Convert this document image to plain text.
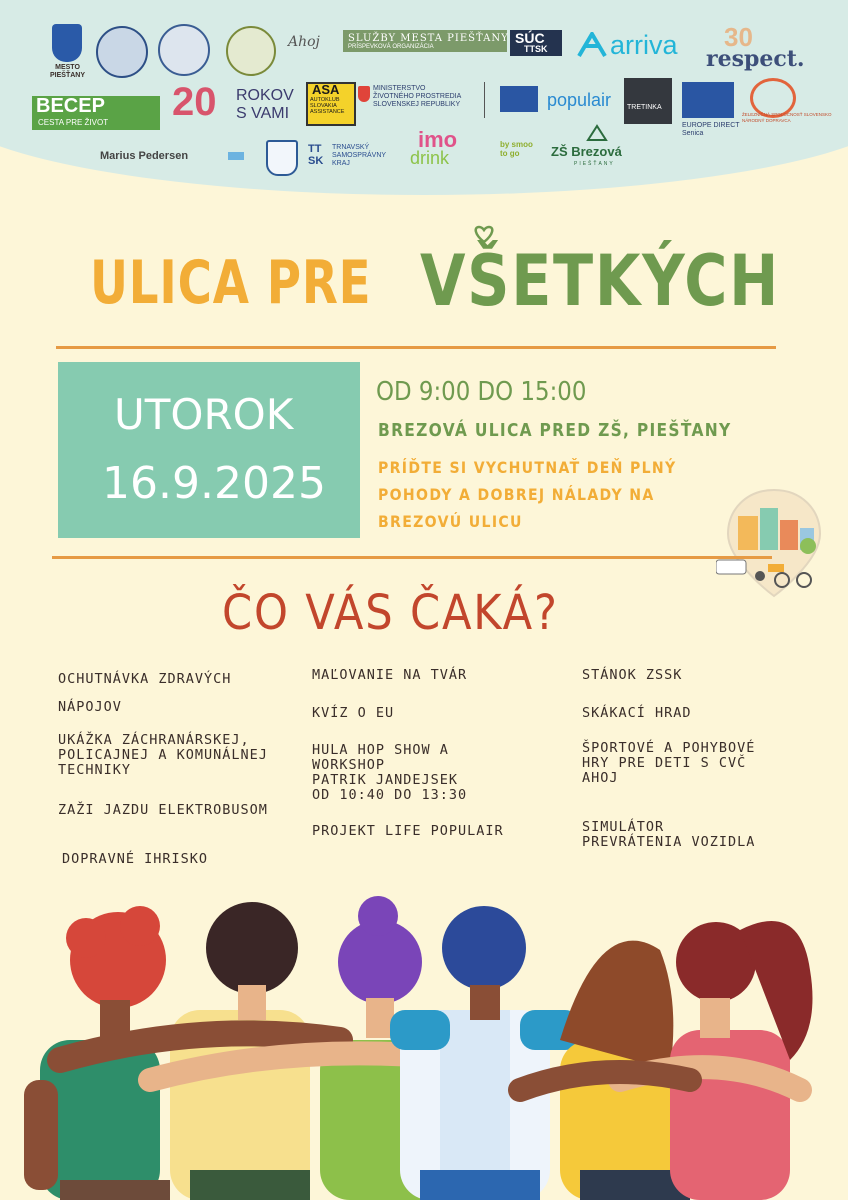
MESTO
PIEŠŤANY
Ahoj	SLUŽBY MESTA PIEŠŤANY
PRÍSPEVKOVÁ ORGANIZÁCIA
SÚC
TTSK arriva 30
respect.
BECEP
CESTA PRE ŽIVOT 20 ROKOV
S VAMI
ASA
AUTOKLUB
SLOVAKIA
ASSISTANCE
MINISTERSTVO
ŽIVOTNÉHO PROSTREDIA
SLOVENSKEJ REPUBLIKY	populair TRETINKA
EUROPE DIRECT
Senica
ŽELEZNIČNÁ SPOLOČNOSŤ SLOVENSKO
NÁRODNÝ DOPRAVCA
Marius Pedersen
TT
SK
TRNAVSKÝ
SAMOSPRÁVNY
KRAJ
imo
drink
by smoo
to go	ZŠ Brezová
PIEŠŤANY
ULICA PRE VŠETKÝCH
UTOROK
16.9.2025
OD 9:00 DO 15:00
BREZOVÁ ULICA PRED ZŠ, PIEŠŤANY
PRÍĎTE SI VYCHUTNAŤ DEŇ PLNÝ
POHODY A DOBREJ NÁLADY NA
BREZOVÚ ULICU
ČO VÁS ČAKÁ?
OCHUTNÁVKA ZDRAVÝCH
NÁPOJOV
UKÁŽKA ZÁCHRANÁRSKEJ,
POLICAJNEJ A KOMUNÁLNEJ
TECHNIKY
ZAŽI JAZDU ELEKTROBUSOM
DOPRAVNÉ IHRISKO
MAĽOVANIE NA TVÁR
KVÍZ O EU
HULA HOP SHOW A
WORKSHOP
PATRIK JANDEJSEK
OD 10:40 DO 13:30
PROJEKT LIFE POPULAIR
STÁNOK ZSSK
SKÁKACÍ HRAD
ŠPORTOVÉ A POHYBOVÉ
HRY PRE DETI S CVČ
AHOJ
SIMULÁTOR
PREVRÁTENIA VOZIDLA
